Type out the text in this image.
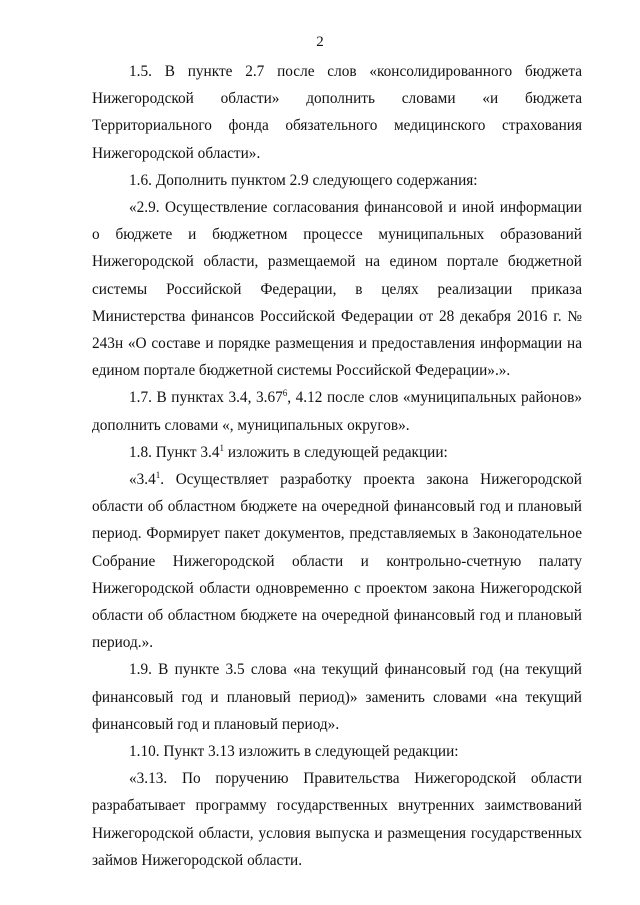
2

1.5. В пункте 2.7 после слов «консолидированного бюджета Нижегородской области» дополнить словами «и бюджета Территориального фонда обязательного медицинского страхования Нижегородской области».

1.6. Дополнить пунктом 2.9 следующего содержания:

«2.9. Осуществление согласования финансовой и иной информации о бюджете и бюджетном процессе муниципальных образований Нижегородской области, размещаемой на едином портале бюджетной системы Российской Федерации, в целях реализации приказа Министерства финансов Российской Федерации от 28 декабря 2016 г. № 243н «О составе и порядке размещения и предоставления информации на едином портале бюджетной системы Российской Федерации».».

1.7. В пунктах 3.4, 3.67$^6$, 4.12 после слов «муниципальных районов» дополнить словами «, муниципальных округов».

1.8. Пункт $3.4^1$ изложить в следующей редакции:

«$3.4^1$. Осуществляет разработку проекта закона Нижегородской области об областном бюджете на очередной финансовый год и плановый период. Формирует пакет документов, представляемых в Законодательное Собрание Нижегородской области и контрольно-счетную палату Нижегородской области одновременно с проектом закона Нижегородской области об областном бюджете на очередной финансовый год и плановый период.».

1.9. В пункте 3.5 слова «на текущий финансовый год (на текущий финансовый год и плановый период)» заменить словами «на текущий финансовый год и плановый период».

1.10. Пункт 3.13 изложить в следующей редакции:

«3.13. По поручению Правительства Нижегородской области разрабатывает программу государственных внутренних заимствований Нижегородской области, условия выпуска и размещения государственных займов Нижегородской области.
